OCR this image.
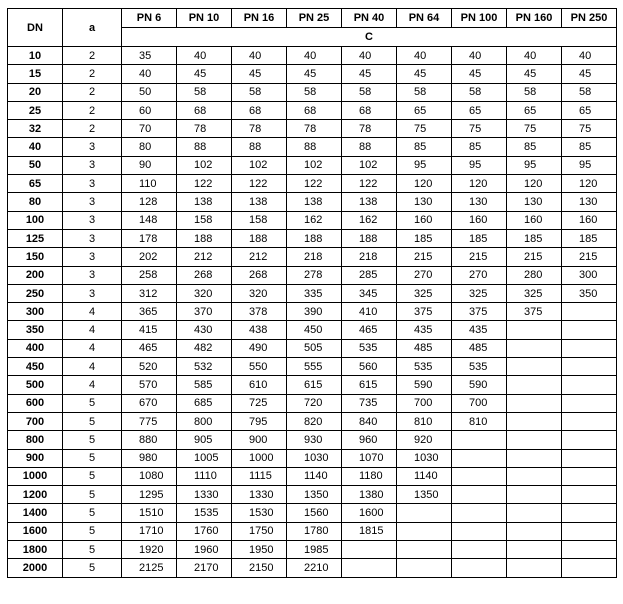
DN	a	PN 6	PN 10	PN 16	PN 25	PN 40	PN 64	PN 100	PN 160	PN 250
		C								
10	2	35	40	40	40	40	40	40	40	40
15	2	40	45	45	45	45	45	45	45	45
20	2	50	58	58	58	58	58	58	58	58
25	2	60	68	68	68	68	65	65	65	65
32	2	70	78	78	78	78	75	75	75	75
40	3	80	88	88	88	88	85	85	85	85
50	3	90	102	102	102	102	95	95	95	95
65	3	110	122	122	122	122	120	120	120	120
80	3	128	138	138	138	138	130	130	130	130
100	3	148	158	158	162	162	160	160	160	160
125	3	178	188	188	188	188	185	185	185	185
150	3	202	212	212	218	218	215	215	215	215
200	3	258	268	268	278	285	270	270	280	300
250	3	312	320	320	335	345	325	325	325	350
300	4	365	370	378	390	410	375	375	375	
350	4	415	430	438	450	465	435	435		
400	4	465	482	490	505	535	485	485		
450	4	520	532	550	555	560	535	535		
500	4	570	585	610	615	615	590	590		
600	5	670	685	725	720	735	700	700		
700	5	775	800	795	820	840	810	810		
800	5	880	905	900	930	960	920			
900	5	980	1005	1000	1030	1070	1030			
1000	5	1080	1110	1115	1140	1180	1140			
1200	5	1295	1330	1330	1350	1380	1350			
1400	5	1510	1535	1530	1560	1600				
1600	5	1710	1760	1750	1780	1815				
1800	5	1920	1960	1950	1985					
2000	5	2125	2170	2150	2210					
